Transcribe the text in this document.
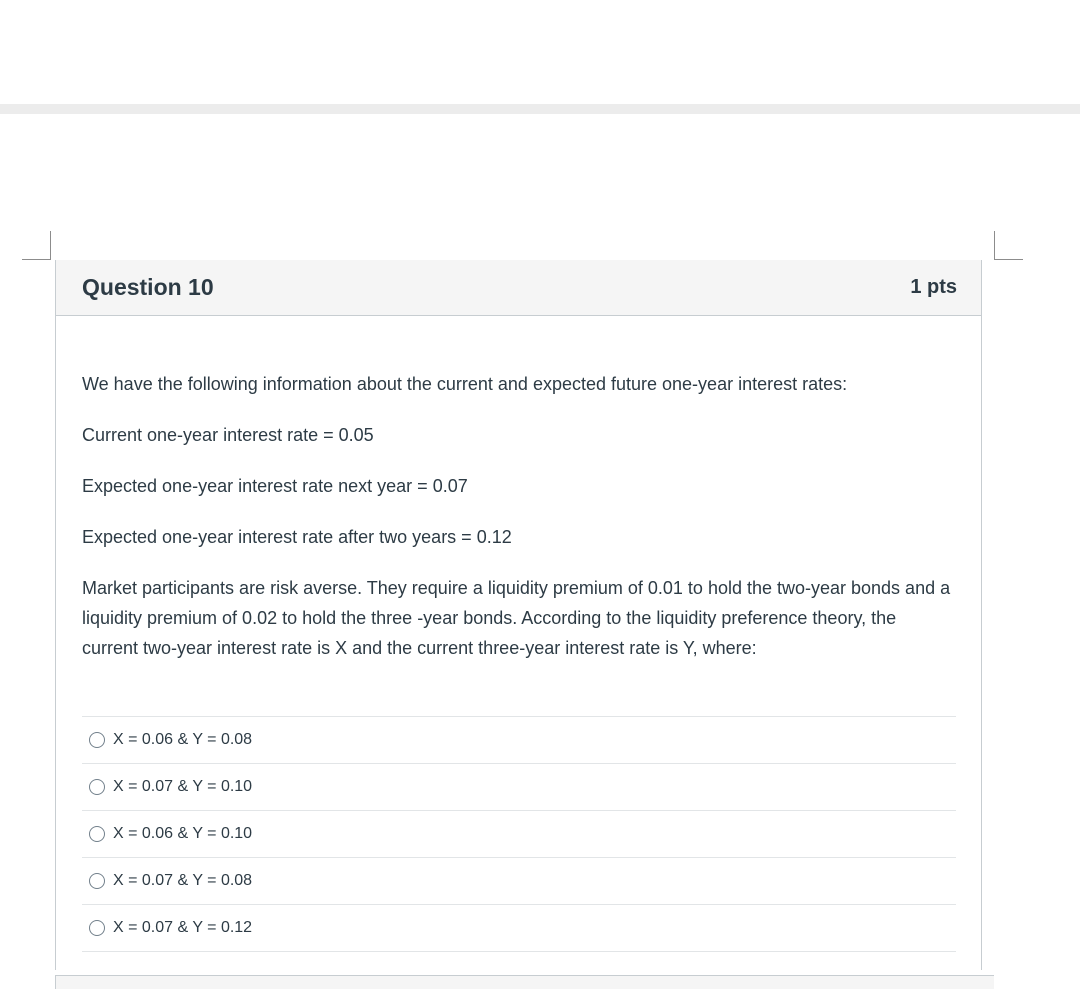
Question 10	1 pts

We have the following information about the current and expected future one-year interest rates:

Current one-year interest rate = 0.05

Expected one-year interest rate next year = 0.07

Expected one-year interest rate after two years = 0.12

Market participants are risk averse. They require a liquidity premium of 0.01 to hold the two-year bonds and a liquidity premium of 0.02 to hold the three -year bonds. According to the liquidity preference theory, the current two-year interest rate is X and the current three-year interest rate is Y, where:

X = 0.06 & Y = 0.08
X = 0.07 & Y = 0.10
X = 0.06 & Y = 0.10
X = 0.07 & Y = 0.08
X = 0.07 & Y = 0.12
